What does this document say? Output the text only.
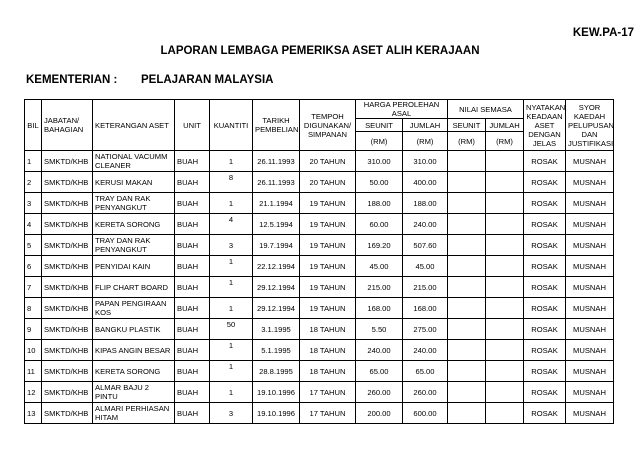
KEW.PA-17
LAPORAN LEMBAGA PEMERIKSA ASET ALIH KERAJAAN
KEMENTERIAN : PELAJARAN MALAYSIA
BIL	JABATAN/ BAHAGIAN	KETERANGAN ASET	UNIT	KUANTITI	TARIKH PEMBELIAN	TEMPOH DIGUNAKAN/ SIMPANAN	HARGA PEROLEHAN ASAL		NILAI SEMASA		NYATAKAN KEADAAN ASET DENGAN JELAS	SYOR KAEDAH PELUPUSAN DAN JUSTIFIKASI
							SEUNIT	JUMLAH	SEUNIT	JUMLAH		
							(RM)	(RM)	(RM)	(RM)		
1	SMKTD/KHB	NATIONAL VACUMM CLEANER	BUAH	1	26.11.1993	20 TAHUN	310.00	310.00			ROSAK	MUSNAH
2	SMKTD/KHB	KERUSI MAKAN	BUAH	8	26.11.1993	20 TAHUN	50.00	400.00			ROSAK	MUSNAH
3	SMKTD/KHB	TRAY DAN RAK PENYANGKUT	BUAH	1	21.1.1994	19 TAHUN	188.00	188.00			ROSAK	MUSNAH
4	SMKTD/KHB	KERETA SORONG	BUAH	4	12.5.1994	19 TAHUN	60.00	240.00			ROSAK	MUSNAH
5	SMKTD/KHB	TRAY DAN RAK PENYANGKUT	BUAH	3	19.7.1994	19 TAHUN	169.20	507.60			ROSAK	MUSNAH
6	SMKTD/KHB	PENYIDAI KAIN	BUAH	1	22.12.1994	19 TAHUN	45.00	45.00			ROSAK	MUSNAH
7	SMKTD/KHB	FLIP CHART BOARD	BUAH	1	29.12.1994	19 TAHUN	215.00	215.00			ROSAK	MUSNAH
8	SMKTD/KHB	PAPAN PENGIRAAN KOS	BUAH	1	29.12.1994	19 TAHUN	168.00	168.00			ROSAK	MUSNAH
9	SMKTD/KHB	BANGKU PLASTIK	BUAH	50	3.1.1995	18 TAHUN	5.50	275.00			ROSAK	MUSNAH
10	SMKTD/KHB	KIPAS ANGIN BESAR	BUAH	1	5.1.1995	18 TAHUN	240.00	240.00			ROSAK	MUSNAH
11	SMKTD/KHB	KERETA SORONG	BUAH	1	28.8.1995	18 TAHUN	65.00	65.00			ROSAK	MUSNAH
12	SMKTD/KHB	ALMAR BAJU 2 PINTU	BUAH	1	19.10.1996	17 TAHUN	260.00	260.00			ROSAK	MUSNAH
13	SMKTD/KHB	ALMARI PERHIASAN HITAM	BUAH	3	19.10.1996	17 TAHUN	200.00	600.00			ROSAK	MUSNAH
